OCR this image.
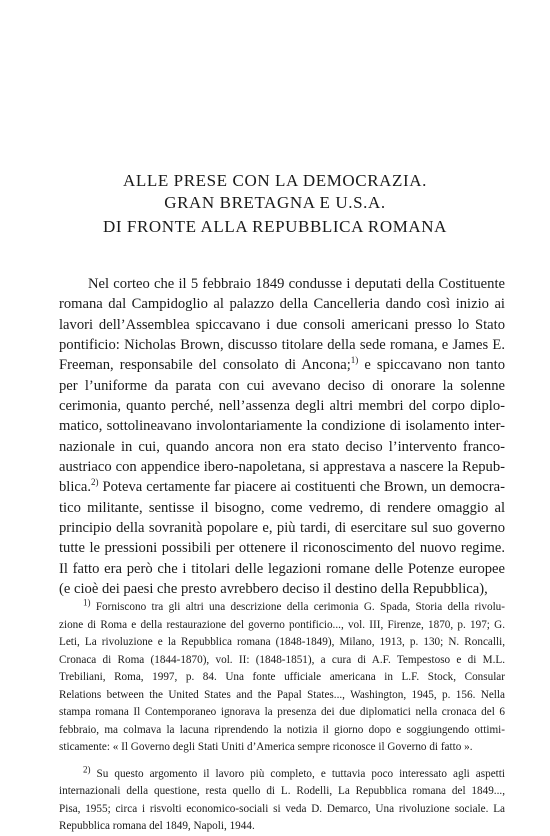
ALLE PRESE CON LA DEMOCRAZIA.
GRAN BRETAGNA E U.S.A.
DI FRONTE ALLA REPUBBLICA ROMANA
Nel corteo che il 5 febbraio 1849 condusse i deputati della Costituente
romana dal Campidoglio al palazzo della Cancelleria dando così inizio ai
lavori dell’Assemblea spiccavano i due consoli americani presso lo Stato
pontificio: Nicholas Brown, discusso titolare della sede romana, e James E.
Freeman, responsabile del consolato di Ancona;$^{1)}$ e spiccavano non tanto
per l’uniforme da parata con cui avevano deciso di onorare la solenne
cerimonia, quanto perché, nell’assenza degli altri membri del corpo diplo-
matico, sottolineavano involontariamente la condizione di isolamento inter-
nazionale in cui, quando ancora non era stato deciso l’intervento franco-
austriaco con appendice ibero-napoletana, si apprestava a nascere la Repub-
blica.$^{2)}$ Poteva certamente far piacere ai costituenti che Brown, un democra-
tico militante, sentisse il bisogno, come vedremo, di rendere omaggio al
principio della sovranità popolare e, più tardi, di esercitare sul suo governo
tutte le pressioni possibili per ottenere il riconoscimento del nuovo regime.
Il fatto era però che i titolari delle legazioni romane delle Potenze europee
(e cioè dei paesi che presto avrebbero deciso il destino della Repubblica),
$^{1)}$ Forniscono tra gli altri una descrizione della cerimonia G. Spada, Storia della rivolu-
zione di Roma e della restaurazione del governo pontificio..., vol. III, Firenze, 1870, p. 197; G.
Leti, La rivoluzione e la Repubblica romana (1848-1849), Milano, 1913, p. 130; N. Roncalli,
Cronaca di Roma (1844-1870), vol. II: (1848-1851), a cura di A.F. Tempestoso e di M.L.
Trebiliani, Roma, 1997, p. 84. Una fonte ufficiale americana in L.F. Stock, Consular
Relations between the United States and the Papal States..., Washington, 1945, p. 156. Nella
stampa romana Il Contemporaneo ignorava la presenza dei due diplomatici nella cronaca del 6
febbraio, ma colmava la lacuna riprendendo la notizia il giorno dopo e soggiungendo ottimi-
sticamente: « Il Governo degli Stati Uniti d’America sempre riconosce il Governo di fatto ».
$^{2)}$ Su questo argomento il lavoro più completo, e tuttavia poco interessato agli aspetti
internazionali della questione, resta quello di L. Rodelli, La Repubblica romana del 1849...,
Pisa, 1955; circa i risvolti economico-sociali si veda D. Demarco, Una rivoluzione sociale. La
Repubblica romana del 1849, Napoli, 1944.
